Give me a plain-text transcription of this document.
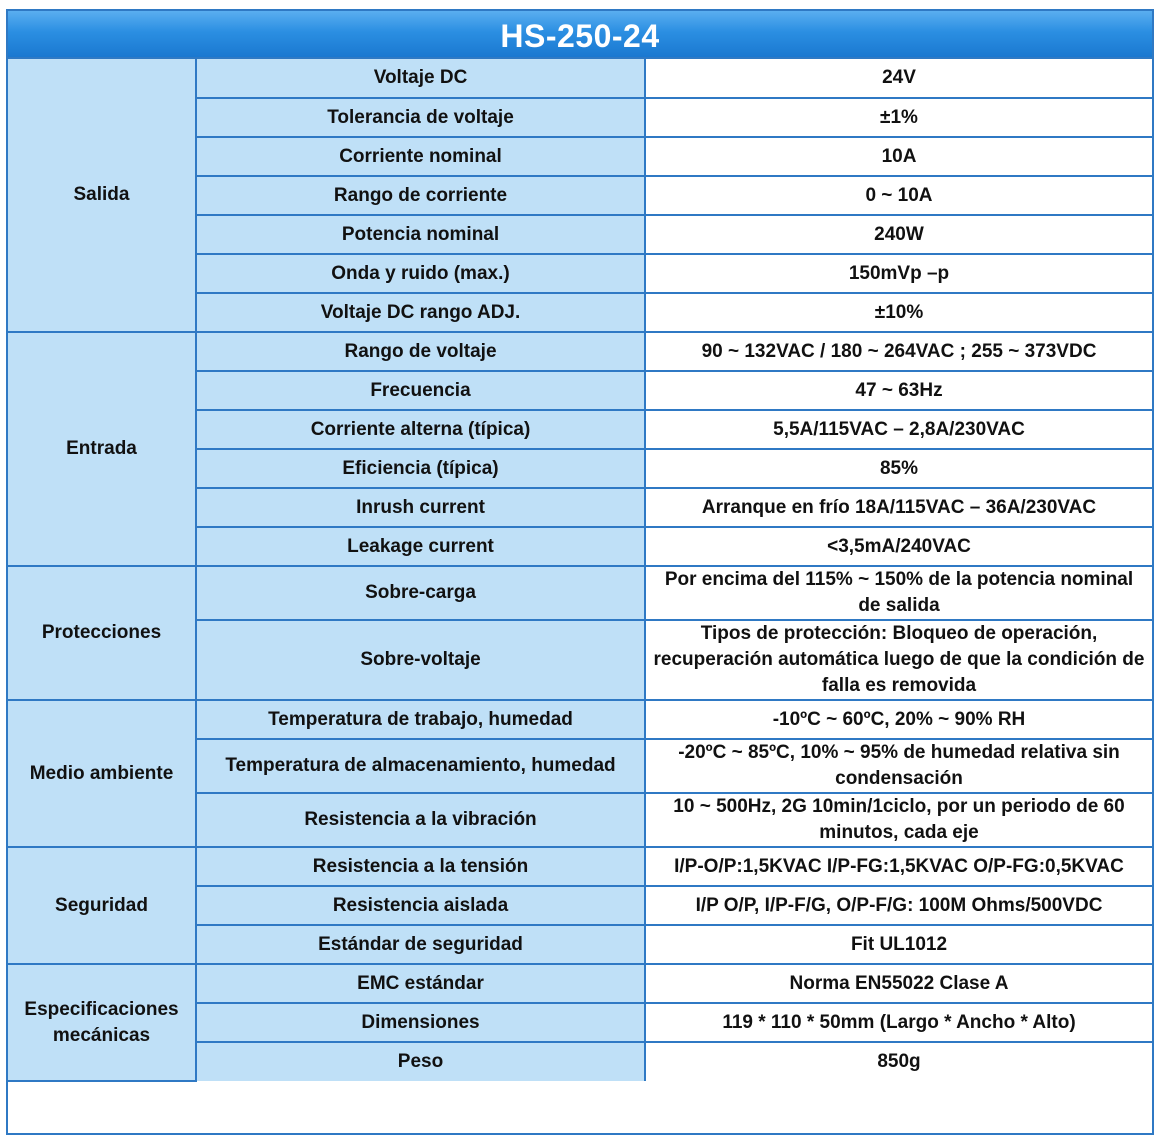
HS-250-24
Salida	Voltaje DC	24V
	Tolerancia de voltaje	±1%
	Corriente nominal	10A
	Rango de corriente	0 ~ 10A
	Potencia nominal	240W
	Onda y ruido (max.)	150mVp –p
	Voltaje DC rango ADJ.	±10%
Entrada	Rango de voltaje	90 ~ 132VAC / 180 ~ 264VAC ; 255 ~ 373VDC
	Frecuencia	47 ~ 63Hz
	Corriente alterna (típica)	5,5A/115VAC – 2,8A/230VAC
	Eficiencia (típica)	85%
	Inrush current	Arranque en frío 18A/115VAC – 36A/230VAC
	Leakage current	<3,5mA/240VAC
Protecciones	Sobre-carga	Por encima del 115% ~ 150% de la potencia nominal de salida
	Sobre-voltaje	Tipos de protección: Bloqueo de operación, recuperación automática luego de que la condición de falla es removida
Medio ambiente	Temperatura de trabajo, humedad	-10ºC ~ 60ºC, 20% ~ 90% RH
	Temperatura de almacenamiento, humedad	-20ºC ~ 85ºC, 10% ~ 95% de humedad relativa sin condensación
	Resistencia a la vibración	10 ~ 500Hz, 2G 10min/1ciclo, por un periodo de 60 minutos, cada eje
Seguridad	Resistencia a la tensión	I/P-O/P:1,5KVAC I/P-FG:1,5KVAC O/P-FG:0,5KVAC
	Resistencia aislada	I/P O/P, I/P-F/G, O/P-F/G: 100M Ohms/500VDC
	Estándar de seguridad	Fit UL1012
Especificaciones mecánicas	EMC estándar	Norma EN55022 Clase A
	Dimensiones	119 * 110 * 50mm (Largo * Ancho * Alto)
	Peso	850g
